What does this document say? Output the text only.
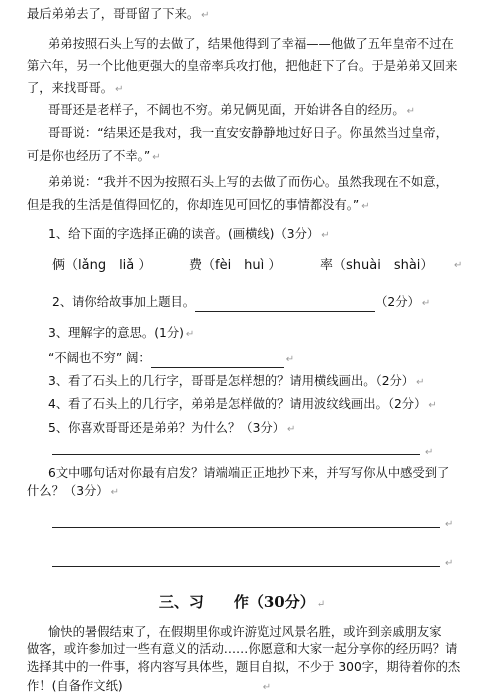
最后弟弟去了，哥哥留了下来。 ↵
弟弟按照石头上写的去做了，结果他得到了幸福——他做了五年皇帝不过在
第六年，另一个比他更强大的皇帝率兵攻打他，把他赶下了台。于是弟弟又回来
了，来找哥哥。 ↵
哥哥还是老样子，不阔也不穷。弟兄俩见面，开始讲各自的经历。 ↵
哥哥说：“结果还是我对，我一直安安静静地过好日子。你虽然当过皇帝，
可是你也经历了不幸。” ↵
弟弟说：“我并不因为按照石头上写的去做了而伤心。虽然我现在不如意，
但是我的生活是值得回忆的，你却连见可回忆的事情都没有。” ↵
1、给下面的字选择正确的读音。(画横线)（3分） ↵
俩（lǎng　liǎ ）	费（fèi　huì ）	率（shuài　shài） ↵
2、请你给故事加上题目。	（2分） ↵
3、理解字的意思。(1分) ↵
“不阔也不穷” 阔：	↵
3、看了石头上的几行字，哥哥是怎样想的？请用横线画出。（2分） ↵
4、看了石头上的几行字，弟弟是怎样做的？请用波纹线画出。（2分） ↵
5、你喜欢哥哥还是弟弟？为什么？（3分） ↵
↵
6文中哪句话对你最有启发？请端端正正地抄下来，并写写你从中感受到了
什么？（3分） ↵
↵
↵
三、习　　作（30分） ↵
愉快的暑假结束了，在假期里你或许游览过风景名胜，或许到亲戚朋友家
做客，或许参加过一些有意义的活动……你愿意和大家一起分享你的经历吗？请
选择其中的一件事，将内容写具体些，题目自拟，不少于 300字，期待着你的杰
作！(自备作文纸)	↵
